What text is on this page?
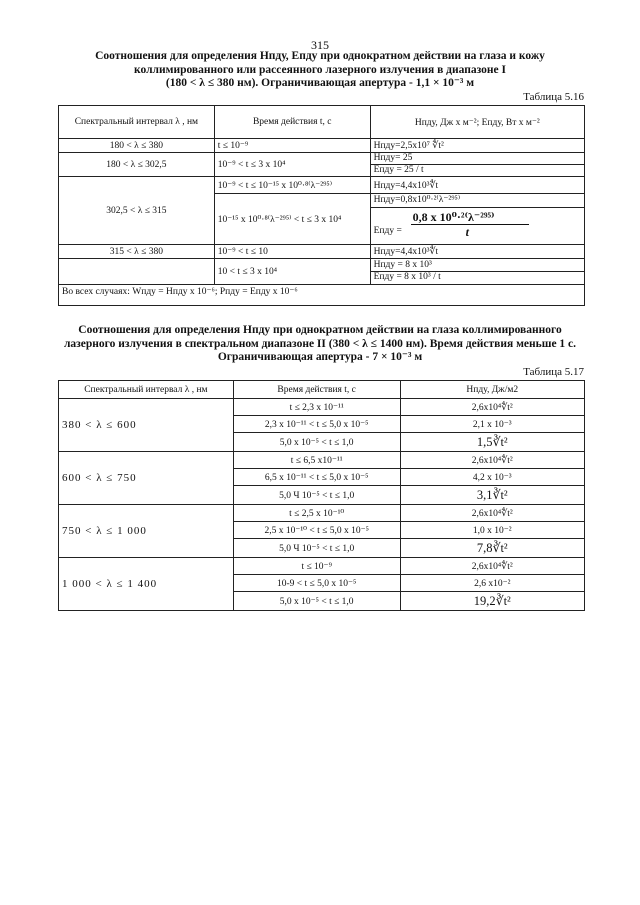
315
Соотношения для определения Hпду, Eпду при однократном действии на глаза и кожу
коллимированного или рассеянного лазерного излучения в диапазоне I
(180 < λ ≤ 380 нм). Ограничивающая апертура - 1,1 × 10⁻³ м
Таблица 5.16
Спектральный интервал λ , нм	Время действия t, с	Hпду, Дж х м⁻²; Eпду, Вт х м⁻²
180 < λ ≤ 380	t ≤ 10⁻⁹	Hпду=2,5x10⁷ ∜t²
180 < λ ≤ 302,5	10⁻⁹ < t ≤ 3 x 10⁴	Hпду= 25
Eпду = 25 / t

302,5 < λ ≤ 315	10⁻⁹ < t ≤ 10⁻¹⁵ x 10⁰·⁸⁽λ⁻²⁹⁵⁾	Hпду=4,4x10³∜t
	10⁻¹⁵ x 10⁰·⁸⁽λ⁻²⁹⁵⁾ < t ≤ 3 x 10⁴	Hпду=0,8x10⁰·²⁽λ⁻²⁹⁵⁾
Eпду =
0,8 x 10⁰·²⁽λ⁻²⁹⁵⁾
t

315 < λ ≤ 380	10⁻⁹ < t ≤ 10	Hпду=4,4x10³∜t
	10 < t ≤ 3 x 10⁴	Hпду = 8 x 10³
Eпду = 8 x 10³ / t

Во всех случаях: Wпду = Hпду x 10⁻⁶; Pпду = Eпду x 10⁻⁶		
Соотношения для определения Hпду при однократном действии на глаза коллимированного
лазерного излучения в спектральном диапазоне II (380 < λ ≤ 1400 нм). Время действия меньше 1 с.
Ограничивающая апертура - 7 × 10⁻³ м
Таблица 5.17
Спектральный интервал λ , нм	Время действия t, с	Hпду, Дж/м2
380 < λ ≤ 600	t ≤ 2,3 x 10⁻¹¹	2,6x10⁴∜t²
	2,3 x 10⁻¹¹ < t ≤ 5,0 x 10⁻⁵	2,1 x 10⁻³
	5,0 x 10⁻⁵ < t ≤ 1,0	1,5∛t²
600 < λ ≤ 750	t ≤ 6,5 x10⁻¹¹	2,6x10⁴∜t²
	6,5 x 10⁻¹¹ < t ≤ 5,0 x 10⁻⁵	4,2 x 10⁻³
	5,0 Ч 10⁻⁵ < t ≤ 1,0	3,1∛t²
750 < λ ≤ 1 000	t ≤ 2,5 x 10⁻¹⁰	2,6x10⁴∜t²
	2,5 x 10⁻¹⁰ < t ≤ 5,0 x 10⁻⁵	1,0 x 10⁻²
	5,0 Ч 10⁻⁵ < t ≤ 1,0	7,8∛t²
1 000 < λ ≤ 1 400	t ≤ 10⁻⁹	2,6x10⁴∜t²
	10-9 < t ≤ 5,0 x 10⁻⁵	2,6 x10⁻²
	5,0 x 10⁻⁵ < t ≤ 1,0	19,2∛t²
